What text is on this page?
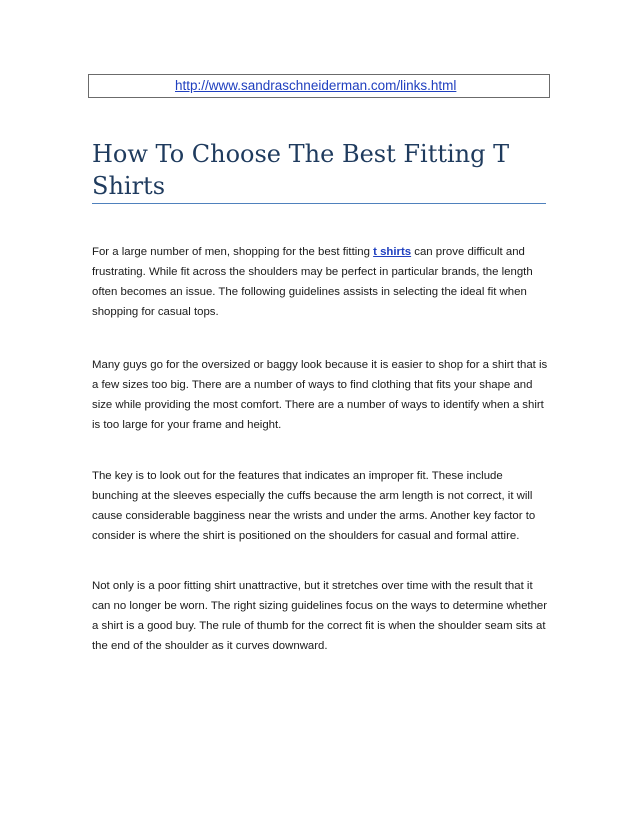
http://www.sandraschneiderman.com/links.html
How To Choose The Best Fitting T Shirts

For a large number of men, shopping for the best fitting t shirts can prove difficult and frustrating. While fit across the shoulders may be perfect in particular brands, the length often becomes an issue. The following guidelines assists in selecting the ideal fit when shopping for casual tops.

Many guys go for the oversized or baggy look because it is easier to shop for a shirt that is a few sizes too big. There are a number of ways to find clothing that fits your shape and size while providing the most comfort. There are a number of ways to identify when a shirt is too large for your frame and height.

The key is to look out for the features that indicates an improper fit. These include bunching at the sleeves especially the cuffs because the arm length is not correct, it will cause considerable bagginess near the wrists and under the arms. Another key factor to consider is where the shirt is positioned on the shoulders for casual and formal attire.

Not only is a poor fitting shirt unattractive, but it stretches over time with the result that it can no longer be worn. The right sizing guidelines focus on the ways to determine whether a shirt is a good buy. The rule of thumb for the correct fit is when the shoulder seam sits at the end of the shoulder as it curves downward.
